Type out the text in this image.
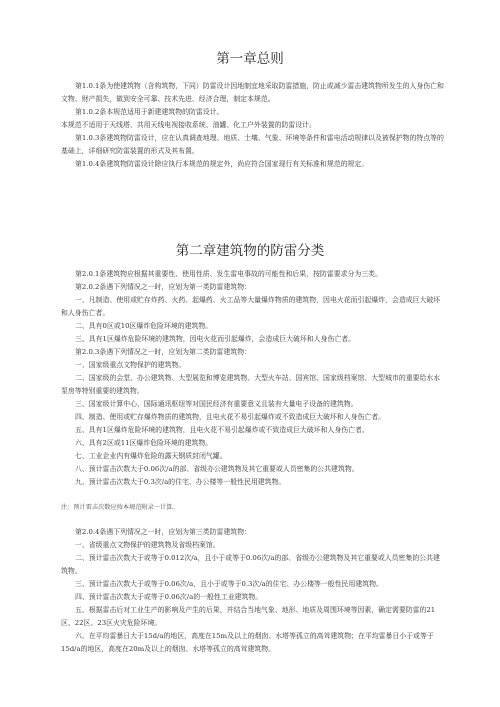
第一章总则

第1.0.1条为使建筑物（含构筑物，下同）防雷设计因地制宜地采取防雷措施，防止或减少雷击建筑物所发生的人身伤亡和文物、财产损失，做到安全可靠、技术先进、经济合理，制定本规范。

第1.0.2条本规范适用于新建建筑物的防雷设计。

本规范不适用于天线塔、共用天线电视接收系统、油罐、化工户外装置的防雷设计。

第1.0.3条建筑物防雷设计，应在认真调查地理、地质、土壤、气象、环境等条件和雷电活动规律以及被保护物的特点等的基础上，详细研究防雷装置的形式及其布置。

第1.0.4条建筑物防雷设计除应执行本规范的规定外，尚应符合国家现行有关标准和规范的规定。

第二章建筑物的防雷分类

第2.0.1条建筑物应根据其重要性、使用性质、发生雷电事故的可能性和后果，按防雷要求分为三类。

第2.0.2条遇下列情况之一时，应划为第一类防雷建筑物：

一、凡制造、使用或贮存炸药、火药、起爆药、火工品等大量爆炸物质的建筑物，因电火花而引起爆炸，会造成巨大破坏和人身伤亡者。

二、具有0区或10区爆炸危险环境的建筑物。

三、具有1区爆炸危险环境的建筑物，因电火花而引起爆炸，会造成巨大破坏和人身伤亡者。

第2.0.3条遇下列情况之一时，应划为第二类防雷建筑物：

一、国家级重点文物保护的建筑物。

二、国家级的会堂、办公建筑物、大型展览和博览建筑物、大型火车站、国宾馆、国家级档案馆、大型城市的重要给水水泵房等特别重要的建筑物。

三、国家级计算中心、国际通讯枢纽等对国民经济有重要意义且装有大量电子设备的建筑物。

四、制造、使用或贮存爆炸物质的建筑物，且电火花不易引起爆炸或不致造成巨大破坏和人身伤亡者。

五、具有1区爆炸危险环境的建筑物，且电火花不易引起爆炸或不致造成巨大破坏和人身伤亡者。

六、具有2区或11区爆炸危险环境的建筑物。

七、工业企业内有爆炸危险的露天钢质封闭气罐。

八、预计雷击次数大于0.06次/a的部、省级办公建筑物及其它重要或人员密集的公共建筑物。

九、预计雷击次数大于0.3次/a的住宅、办公楼等一般性民用建筑物。

注：预计雷击次数应按本规范附录一计算。

第2.0.4条遇下列情况之一时，应划为第三类防雷建筑物：

一、省级重点文物保护的建筑物及省级档案馆。

二、预计雷击次数大于或等于0.012次/a，且小于或等于0.06次/a的部、省级办公建筑物及其它重要或人员密集的公共建筑物。

三、预计雷击次数大于或等于0.06次/a，且小于或等于0.3次/a的住宅、办公楼等一般性民用建筑物。

四、预计雷击次数大于或等于0.06次/a的一般性工业建筑物。

五、根据雷击后对工业生产的影响及产生的后果，并结合当地气象、地形、地质及周围环境等因素，确定需要防雷的21区、22区、23区火灾危险环境。

六、在平均雷暴日大于15d/a的地区，高度在15m及以上的烟囱、水塔等孤立的高耸建筑物；在平均雷暴日小于或等于15d/a的地区，高度在20m及以上的烟囱、水塔等孤立的高耸建筑物。
